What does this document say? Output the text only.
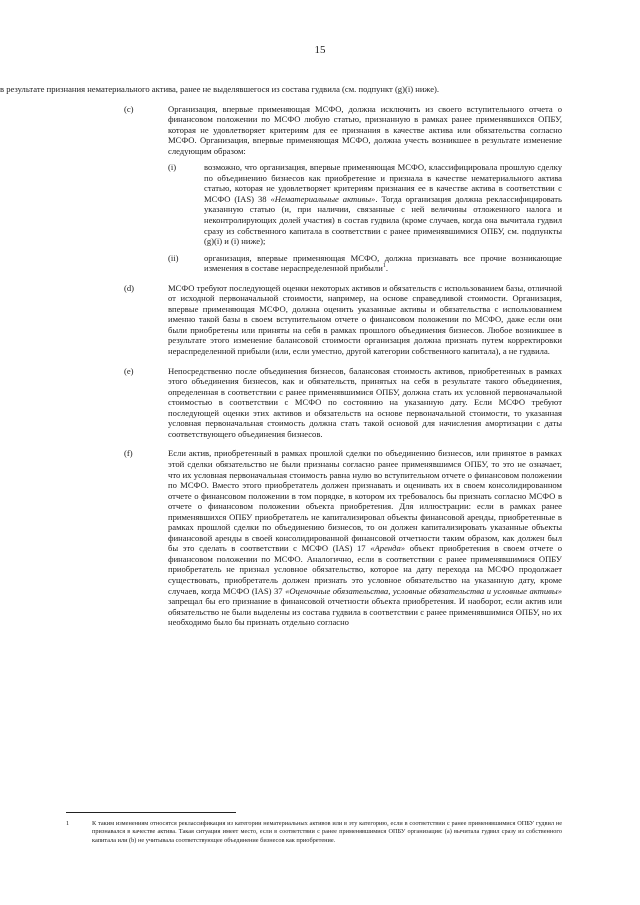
15

в результате признания нематериального актива, ранее не выделявшегося из состава гудвила (см. подпункт (g)(i) ниже).

(c)	Организация, впервые применяющая МСФО, должна исключить из своего вступительного отчета о финансовом положении по МСФО любую статью, признанную в рамках ранее применявшихся ОПБУ, которая не удовлетворяет критериям для ее признания в качестве актива или обязательства согласно МСФО. Организация, впервые применяющая МСФО, должна учесть возникшее в результате изменение следующим образом:

(i)	возможно, что организация, впервые применяющая МСФО, классифицировала прошлую сделку по объединению бизнесов как приобретение и признала в качестве нематериального актива статью, которая не удовлетворяет критериям признания ее в качестве актива в соответствии с МСФО (IAS) 38 «Нематериальные активы». Тогда организация должна реклассифицировать указанную статью (и, при наличии, связанные с ней величины отложенного налога и неконтролирующих долей участия) в состав гудвила (кроме случаев, когда она вычитала гудвил сразу из собственного капитала в соответствии с ранее применявшимися ОПБУ, см. подпункты (g)(i) и (i) ниже);

(ii)	организация, впервые применяющая МСФО, должна признавать все прочие возникающие изменения в составе нераспределенной прибыли$^1$.

(d)	МСФО требуют последующей оценки некоторых активов и обязательств с использованием базы, отличной от исходной первоначальной стоимости, например, на основе справедливой стоимости. Организация, впервые применяющая МСФО, должна оценить указанные активы и обязательства с использованием именно такой базы в своем вступительном отчете о финансовом положении по МСФО, даже если они были приобретены или приняты на себя в рамках прошлого объединения бизнесов. Любое возникшее в результате этого изменение балансовой стоимости организация должна признать путем корректировки нераспределенной прибыли (или, если уместно, другой категории собственного капитала), а не гудвила.

(e)	Непосредственно после объединения бизнесов, балансовая стоимость активов, приобретенных в рамках этого объединения бизнесов, как и обязательств, принятых на себя в результате такого объединения, определенная в соответствии с ранее применявшимися ОПБУ, должна стать их условной первоначальной стоимостью в соответствии с МСФО по состоянию на указанную дату. Если МСФО требуют последующей оценки этих активов и обязательств на основе первоначальной стоимости, то указанная условная первоначальная стоимость должна стать такой основой для начисления амортизации с даты соответствующего объединения бизнесов.

(f)	Если актив, приобретенный в рамках прошлой сделки по объединению бизнесов, или принятое в рамках этой сделки обязательство не были признаны согласно ранее применявшимся ОПБУ, то это не означает, что их условная первоначальная стоимость равна нулю во вступительном отчете о финансовом положении по МСФО. Вместо этого приобретатель должен признавать и оценивать их в своем консолидированном отчете о финансовом положении в том порядке, в котором их требовалось бы признать согласно МСФО в отчете о финансовом положении объекта приобретения. Для иллюстрации: если в рамках ранее применявшихся ОПБУ приобретатель не капитализировал объекты финансовой аренды, приобретенные в рамках прошлой сделки по объединению бизнесов, то он должен капитализировать указанные объекты финансовой аренды в своей консолидированной финансовой отчетности таким образом, как должен был бы это сделать в соответствии с МСФО (IAS) 17 «Аренда» объект приобретения в своем отчете о финансовом положении по МСФО. Аналогично, если в соответствии с ранее применявшимися ОПБУ приобретатель не признал условное обязательство, которое на дату перехода на МСФО продолжает существовать, приобретатель должен признать это условное обязательство на указанную дату, кроме случаев, когда МСФО (IAS) 37 «Оценочные обязательства, условные обязательства и условные активы» запрещал бы его признание в финансовой отчетности объекта приобретения. И наоборот, если актив или обязательство не были выделены из состава гудвила в соответствии с ранее применявшимися ОПБУ, но их необходимо было бы признать отдельно согласно

1	К таким изменениям относятся реклассификация из категории нематериальных активов или в эту категорию, если в соответствии с ранее применявшимися ОПБУ гудвил не признавался в качестве актива. Такая ситуация имеет место, если в соответствии с ранее применявшимися ОПБУ организация: (a) вычитала гудвил сразу из собственного капитала или (b) не учитывала соответствующее объединение бизнесов как приобретение.
